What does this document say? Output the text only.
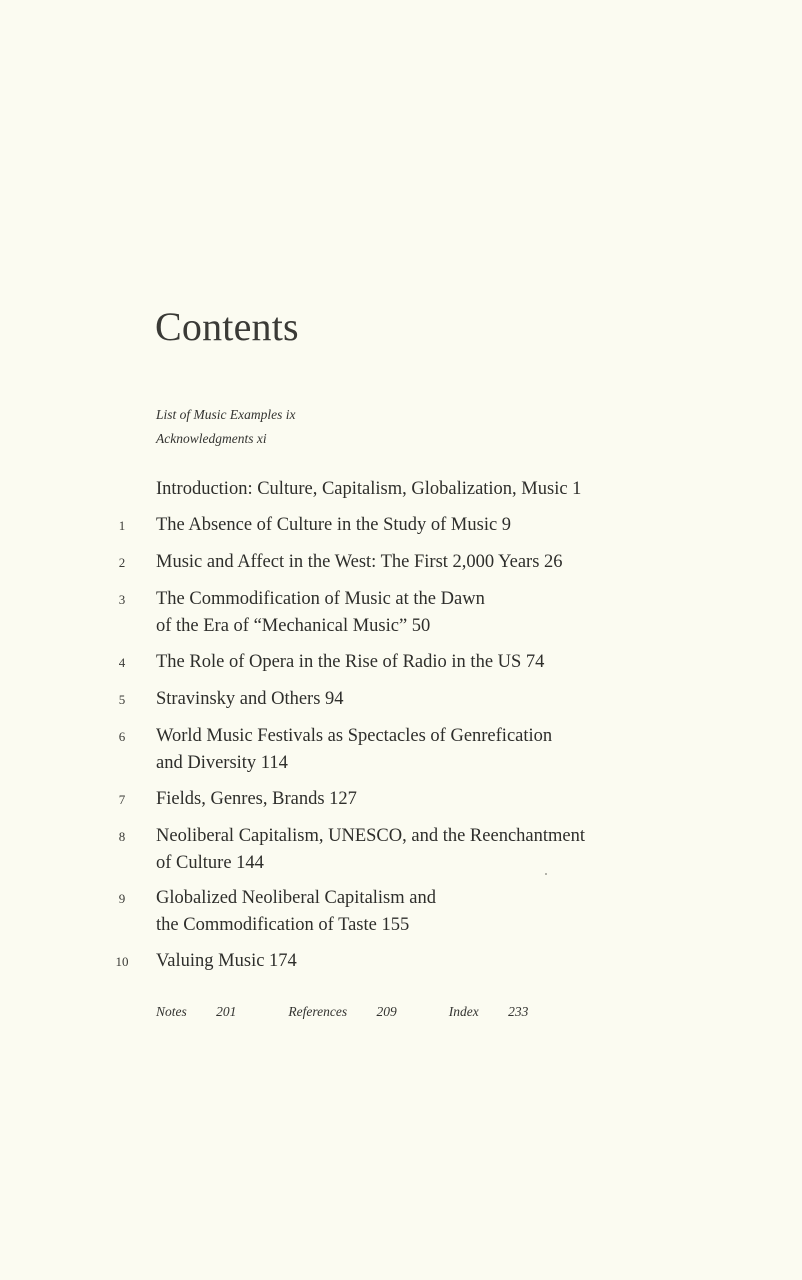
Contents
List of Music Examples ix
Acknowledgments xi
Introduction: Culture, Capitalism, Globalization, Music 1
1	The Absence of Culture in the Study of Music 9
2	Music and Affect in the West: The First 2,000 Years 26
3	The Commodification of Music at the Dawn
of the Era of “Mechanical Music” 50
4	The Role of Opera in the Rise of Radio in the US 74
5	Stravinsky and Others 94
6	World Music Festivals as Spectacles of Genrefication
and Diversity 114
7	Fields, Genres, Brands 127
8	Neoliberal Capitalism, UNESCO, and the Reenchantment
of Culture 144
9	Globalized Neoliberal Capitalism and
the Commodification of Taste 155
10 Valuing Music 174
Notes 201	References 209	Index 233
